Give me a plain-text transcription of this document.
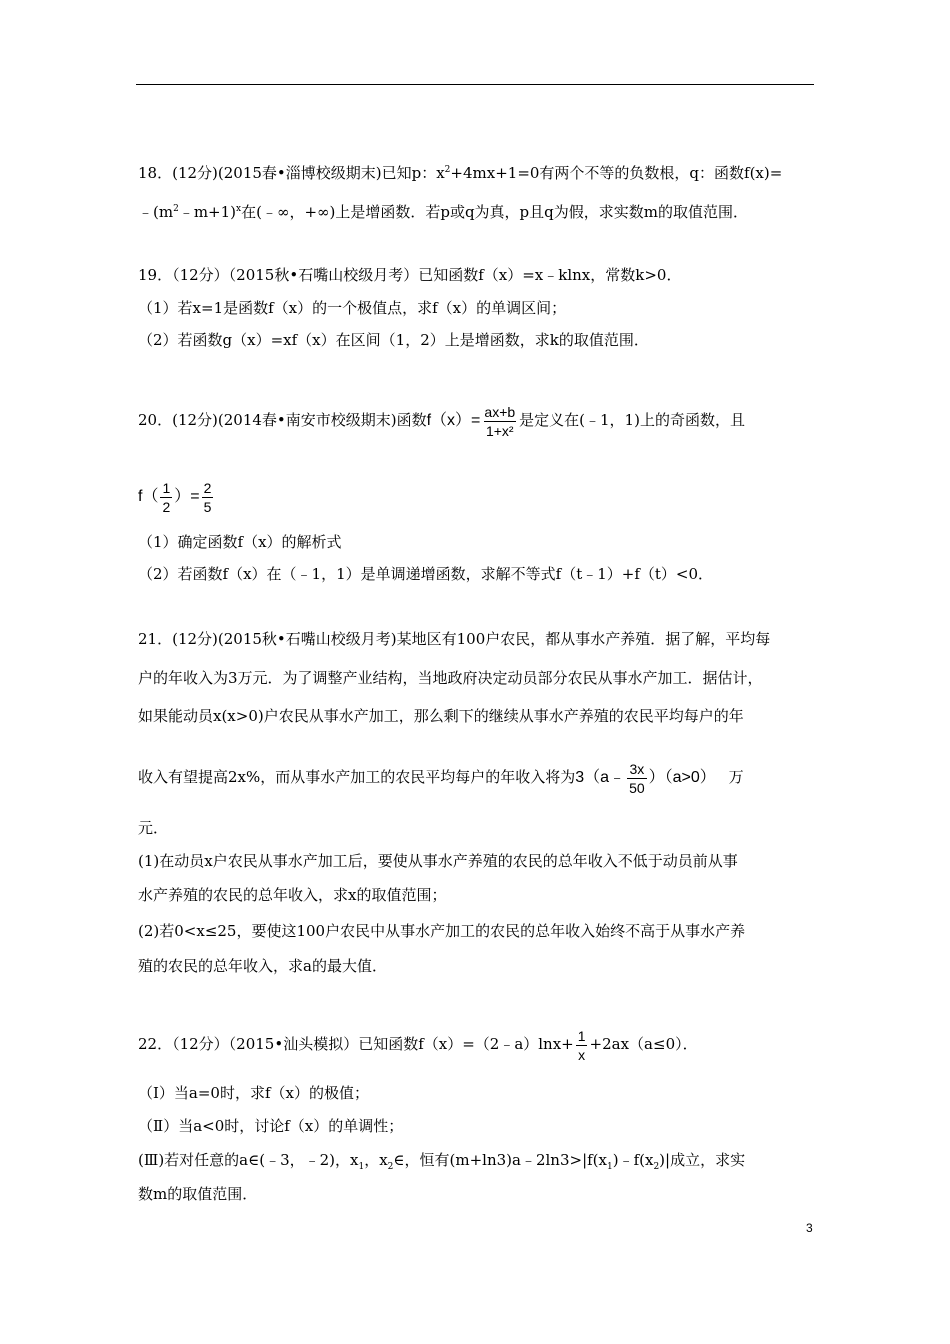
18．(12分)(2015春•淄博校级期末)已知p：$x^2+4mx+1=0$有两个不等的负数根，q：函数f(x)=
$﹣(m^2﹣m+1)^x$在(﹣∞，+∞)上是增函数．若p或q为真，p且q为假，求实数m的取值范围．
19．（12分）（2015秋•石嘴山校级月考）已知函数f（x）=x﹣klnx，常数k>0．
（1）若x=1是函数f（x）的一个极值点，求f（x）的单调区间；
（2）若函数g（x）=xf（x）在区间（1，2）上是增函数，求k的取值范围．
20．(12分)(2014春•南安市校级期末)函数$f(x)= \frac{ax+b}{\text{1+x²}}$ 是定义在(﹣1，1)上的奇函数，且
$f( \frac{1}{2}$ ）= $\frac{2}{5}$
（1）确定函数f（x）的解析式
（2）若函数f（x）在（﹣1，1）是单调递增函数，求解不等式f（t﹣1）+f（t）<0．
21．(12分)(2015秋•石嘴山校级月考)某地区有100户农民，都从事水产养殖．据了解，平均每
户的年收入为3万元．为了调整产业结构，当地政府决定动员部分农民从事水产加工．据估计，
如果能动员x(x>0)户农民从事水产加工，那么剩下的继续从事水产养殖的农民平均每户的年
收入有望提高2x%，而从事水产加工的农民平均每户的年收入将为3（a﹣ $\frac{3x}{50} )(a>0)$ 万
元．
(1)在动员x户农民从事水产加工后，要使从事水产养殖的农民的总年收入不低于动员前从事
水产养殖的农民的总年收入，求x的取值范围；
(2)若0<x≤25，要使这100户农民中从事水产加工的农民的总年收入始终不高于从事水产养
殖的农民的总年收入，求a的最大值．
22．（12分）（2015•汕头模拟）已知函数f（x）=（2﹣a）lnx+ $\frac{1}{x} +2ax(a\le 0)$．
（Ⅰ）当a=0时，求f（x）的极值；
（Ⅱ）当a<0时，讨论f（x）的单调性；
(Ⅲ)若对任意的a∈(﹣3，﹣2)，$x_1$，$x_2\in$，恒有$(m+\ln 3)a﹣2\ln 3>|f(x_1)﹣f(x_2)|$成立，求实
数m的取值范围．
3
